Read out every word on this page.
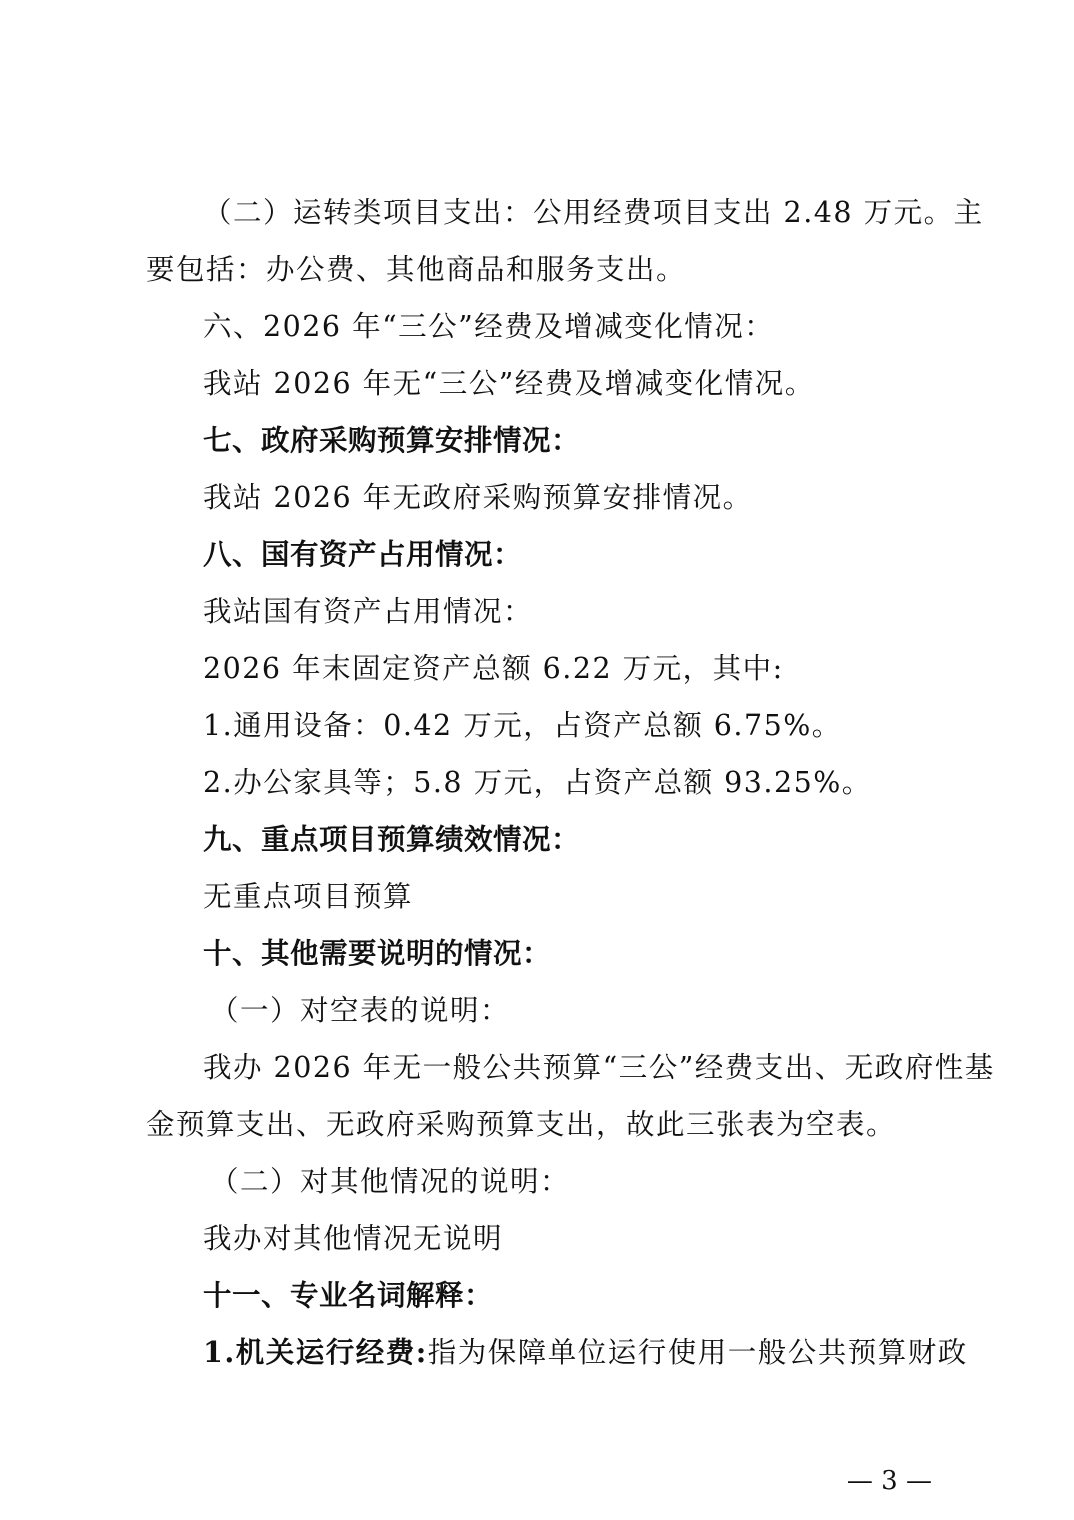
（二）运转类项目支出：公用经费项目支出 2.48 万元。主
要包括：办公费、其他商品和服务支出。
六、2026 年“三公”经费及增减变化情况：
我站 2026 年无“三公”经费及增减变化情况。
七、政府采购预算安排情况：
我站 2026 年无政府采购预算安排情况。
八、国有资产占用情况：
我站国有资产占用情况：
2026 年末固定资产总额 6.22 万元，其中:
1.通用设备：0.42 万元，占资产总额 6.75%。
2.办公家具等；5.8 万元，占资产总额 93.25%。
九、重点项目预算绩效情况：
无重点项目预算
十、其他需要说明的情况：
（一）对空表的说明：
我办 2026 年无一般公共预算“三公”经费支出、无政府性基
金预算支出、无政府采购预算支出，故此三张表为空表。
（二）对其他情况的说明：
我办对其他情况无说明
十一、专业名词解释：
1.机关运行经费:指为保障单位运行使用一般公共预算财政
— 3 —
